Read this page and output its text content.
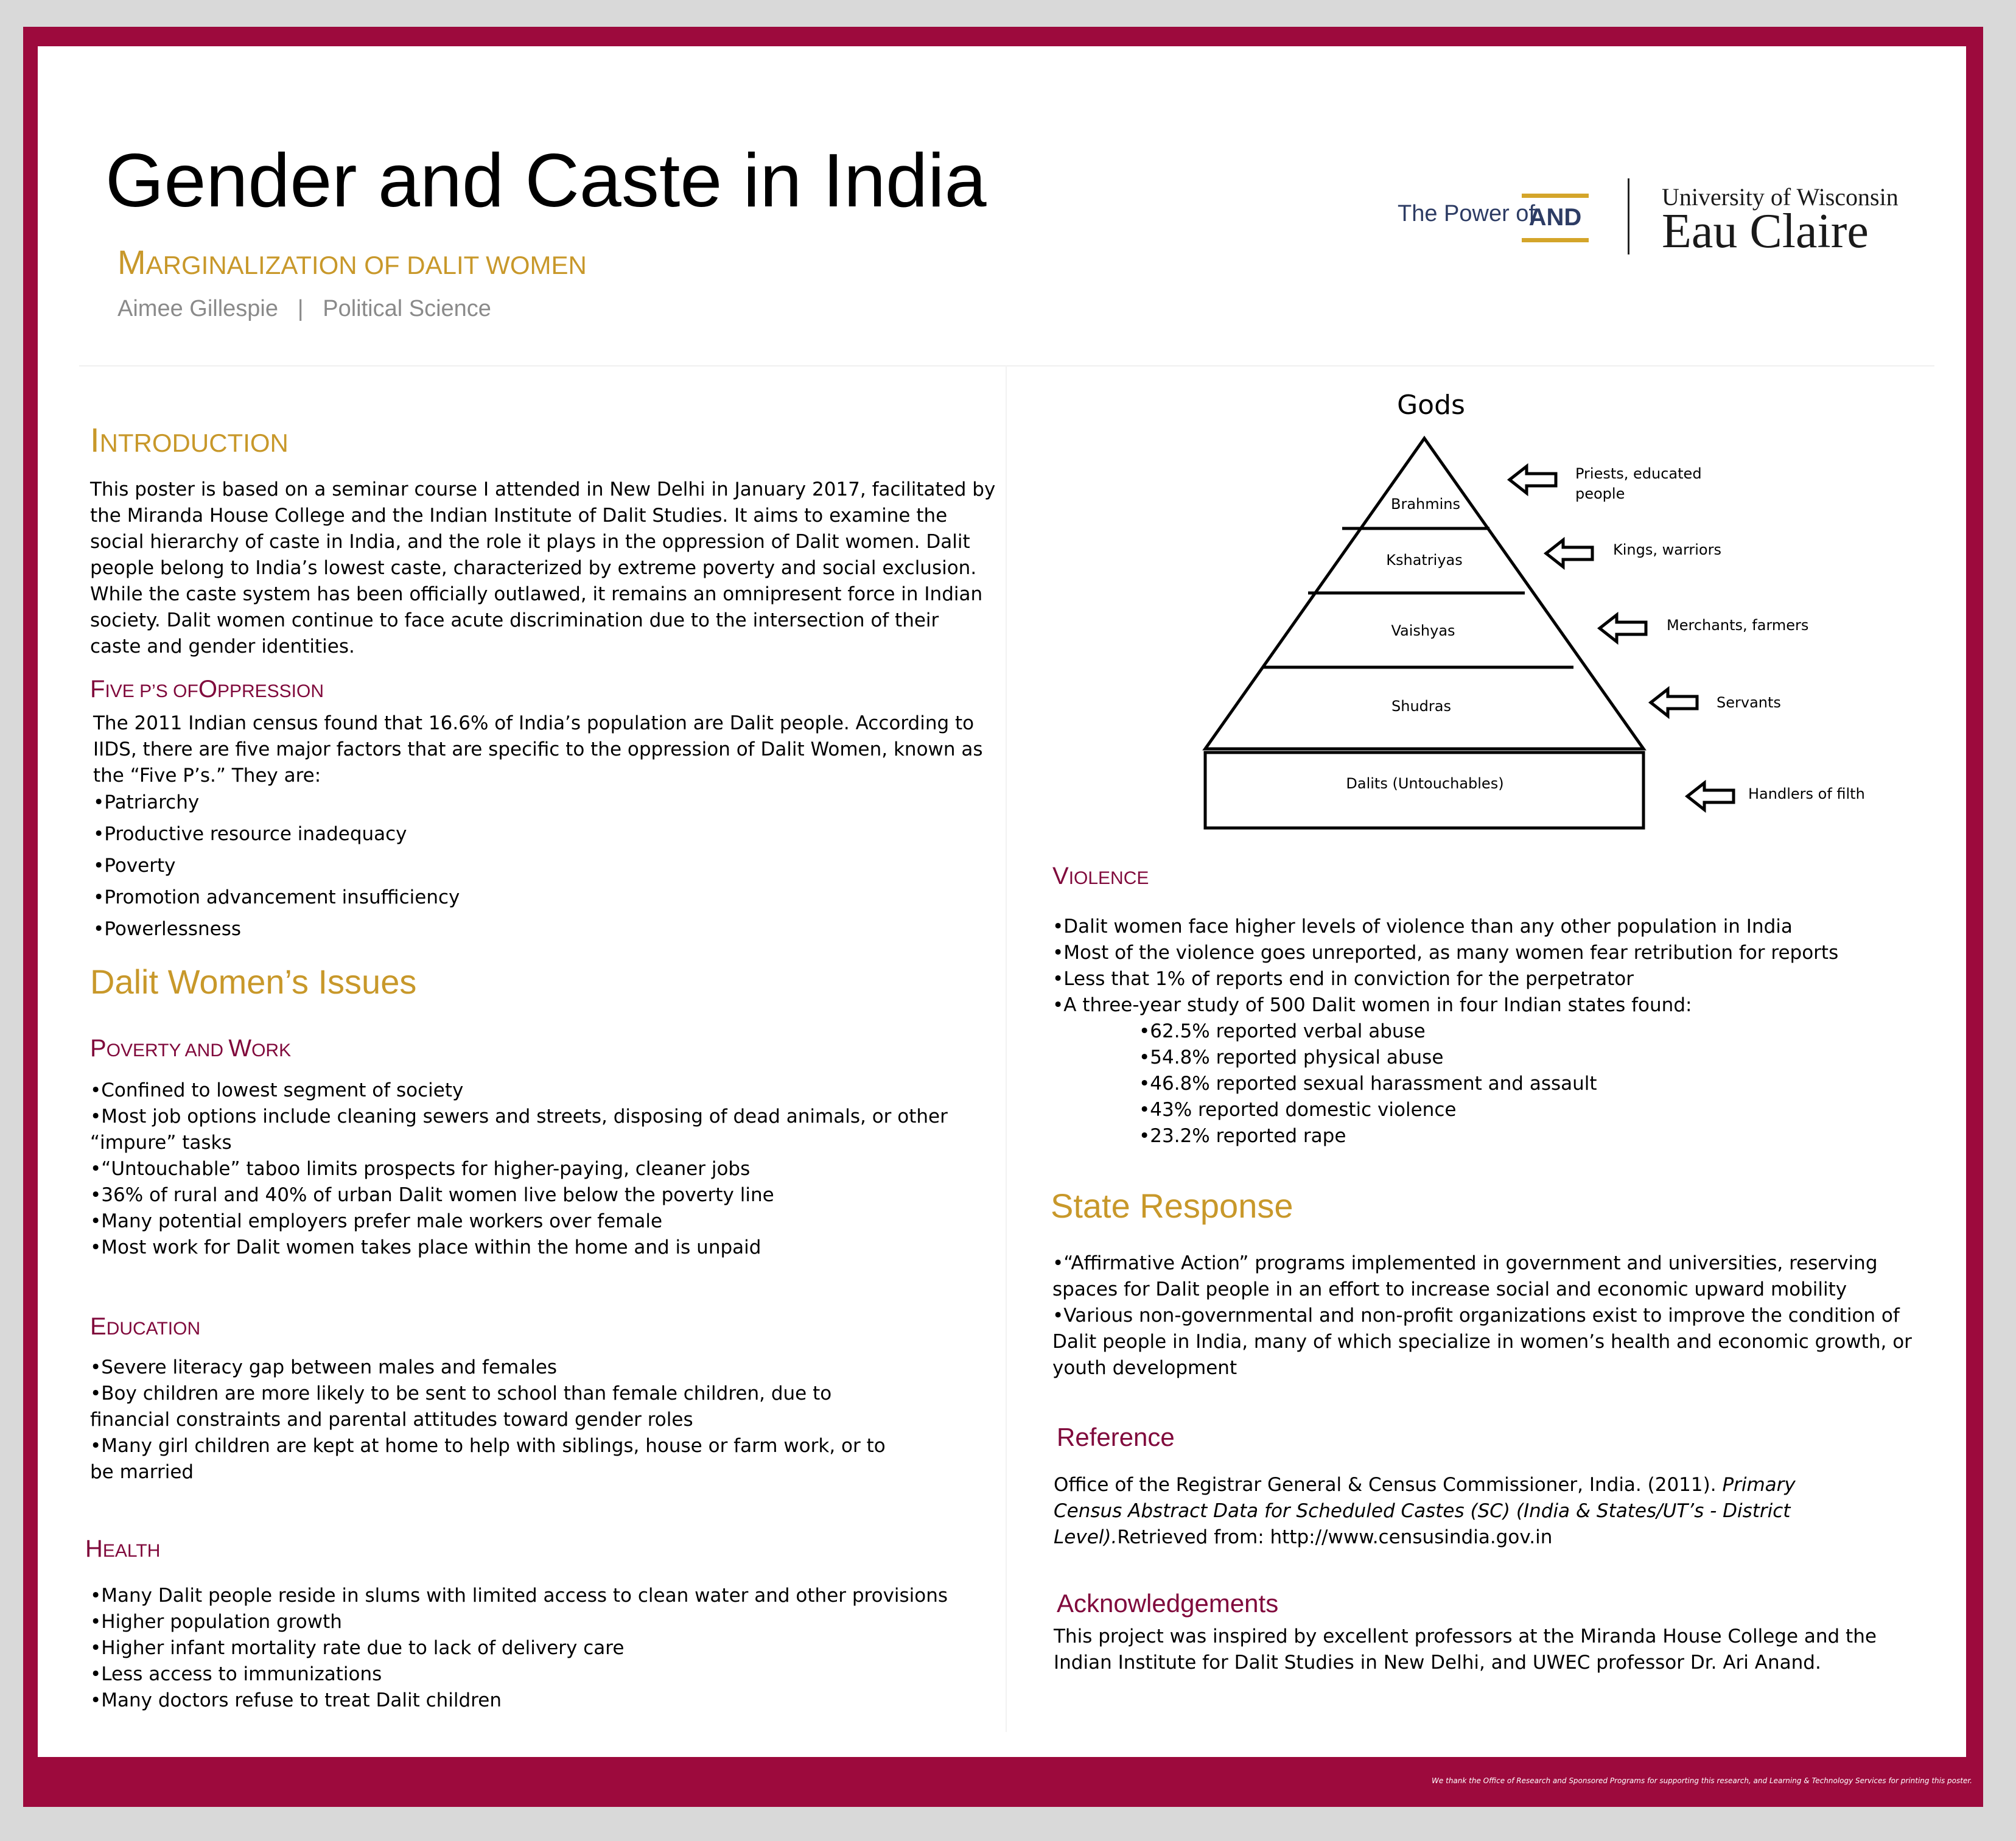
We thank the Office of Research and Sponsored Programs for supporting this research, and Learning & Technology Services for printing this poster.
Gender and Caste in India
MARGINALIZATION OF DALIT WOMEN
Aimee Gillespie | Political Science
The Power of
AND
University of Wisconsin
Eau Claire
INTRODUCTION
This poster is based on a seminar course I attended in New Delhi in January 2017, facilitated by
the Miranda House College and the Indian Institute of Dalit Studies. It aims to examine the
social hierarchy of caste in India, and the role it plays in the oppression of Dalit women. Dalit
people belong to India’s lowest caste, characterized by extreme poverty and social exclusion.
While the caste system has been officially outlawed, it remains an omnipresent force in Indian
society. Dalit women continue to face acute discrimination due to the intersection of their
caste and gender identities.
FIVE P’S OFOPPRESSION
The 2011 Indian census found that 16.6% of India’s population are Dalit people. According to
IIDS, there are five major factors that are specific to the oppression of Dalit Women, known as
the “Five P’s.” They are:
•Patriarchy
•Productive resource inadequacy
•Poverty
•Promotion advancement insufficiency
•Powerlessness
Dalit Women’s Issues
POVERTY AND WORK
•Confined to lowest segment of society
•Most job options include cleaning sewers and streets, disposing of dead animals, or other
“impure” tasks
•“Untouchable” taboo limits prospects for higher-paying, cleaner jobs
•36% of rural and 40% of urban Dalit women live below the poverty line
•Many potential employers prefer male workers over female
•Most work for Dalit women takes place within the home and is unpaid
EDUCATION
•Severe literacy gap between males and females
•Boy children are more likely to be sent to school than female children, due to
financial constraints and parental attitudes toward gender roles
•Many girl children are kept at home to help with siblings, house or farm work, or to
be married
HEALTH
•Many Dalit people reside in slums with limited access to clean water and other provisions
•Higher population growth
•Higher infant mortality rate due to lack of delivery care
•Less access to immunizations
•Many doctors refuse to treat Dalit children
Gods
Brahmins
Kshatriyas
Vaishyas
Shudras
Dalits (Untouchables)
Priests, educated
people
Kings, warriors
Merchants, farmers
Servants
Handlers of filth
VIOLENCE
•Dalit women face higher levels of violence than any other population in India
•Most of the violence goes unreported, as many women fear retribution for reports
•Less that 1% of reports end in conviction for the perpetrator
•A three-year study of 500 Dalit women in four Indian states found:
•62.5% reported verbal abuse
•54.8% reported physical abuse
•46.8% reported sexual harassment and assault
•43% reported domestic violence
•23.2% reported rape
State Response
•“Affirmative Action” programs implemented in government and universities, reserving
spaces for Dalit people in an effort to increase social and economic upward mobility
•Various non-governmental and non-profit organizations exist to improve the condition of
Dalit people in India, many of which specialize in women’s health and economic growth, or
youth development
Reference
Office of the Registrar General & Census Commissioner, India. (2011). Primary
Census Abstract Data for Scheduled Castes (SC) (India & States/UT’s - District
Level).Retrieved from: http://www.censusindia.gov.in
Acknowledgements
This project was inspired by excellent professors at the Miranda House College and the
Indian Institute for Dalit Studies in New Delhi, and UWEC professor Dr. Ari Anand.
